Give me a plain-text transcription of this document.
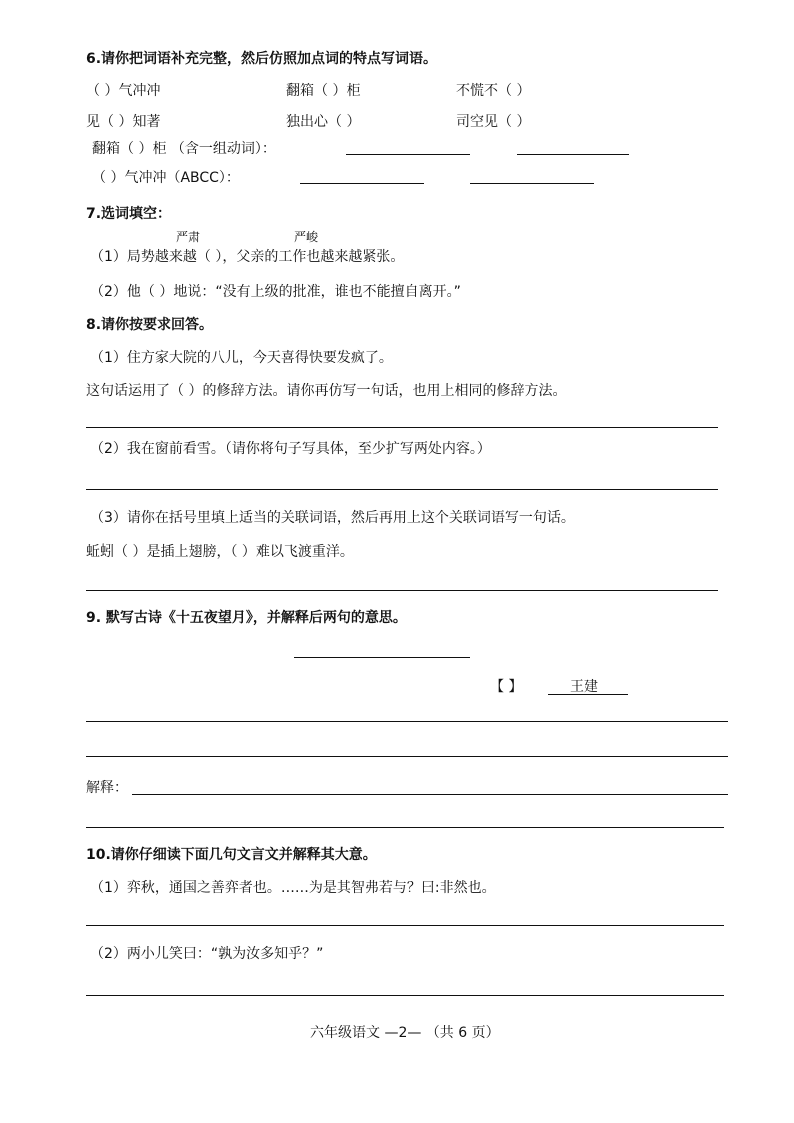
6.请你把词语补充完整，然后仿照加点词的特点写词语。
（ ）气冲冲	翻箱（ ）柜	不慌不（ ）
见（ ）知著	独出心（ ）	司空见（ ）
翻箱（ ）柜 （含一组动词）：
（ ）气冲冲（ABCC）：
7.选词填空：
严肃	严峻
（1）局势越来越（ ），父亲的工作也越来越紧张。
（2）他（ ）地说：“没有上级的批准，谁也不能擅自离开。”
8.请你按要求回答。
（1）住方家大院的八儿，今天喜得快要发疯了。
这句话运用了（ ）的修辞方法。请你再仿写一句话，也用上相同的修辞方法。
（2）我在窗前看雪。（请你将句子写具体，至少扩写两处内容。）
（3）请你在括号里填上适当的关联词语，然后再用上这个关联词语写一句话。
蚯蚓（ ）是插上翅膀，（ ）难以飞渡重洋。
9. 默写古诗《十五夜望月》，并解释后两句的意思。
【 】	王建
解释：
10.请你仔细读下面几句文言文并解释其大意。
（1）弈秋，通国之善弈者也。……为是其智弗若与？曰:非然也。
（2）两小儿笑曰：“孰为汝多知乎？”
六年级语文 —2— （共 6 页）
